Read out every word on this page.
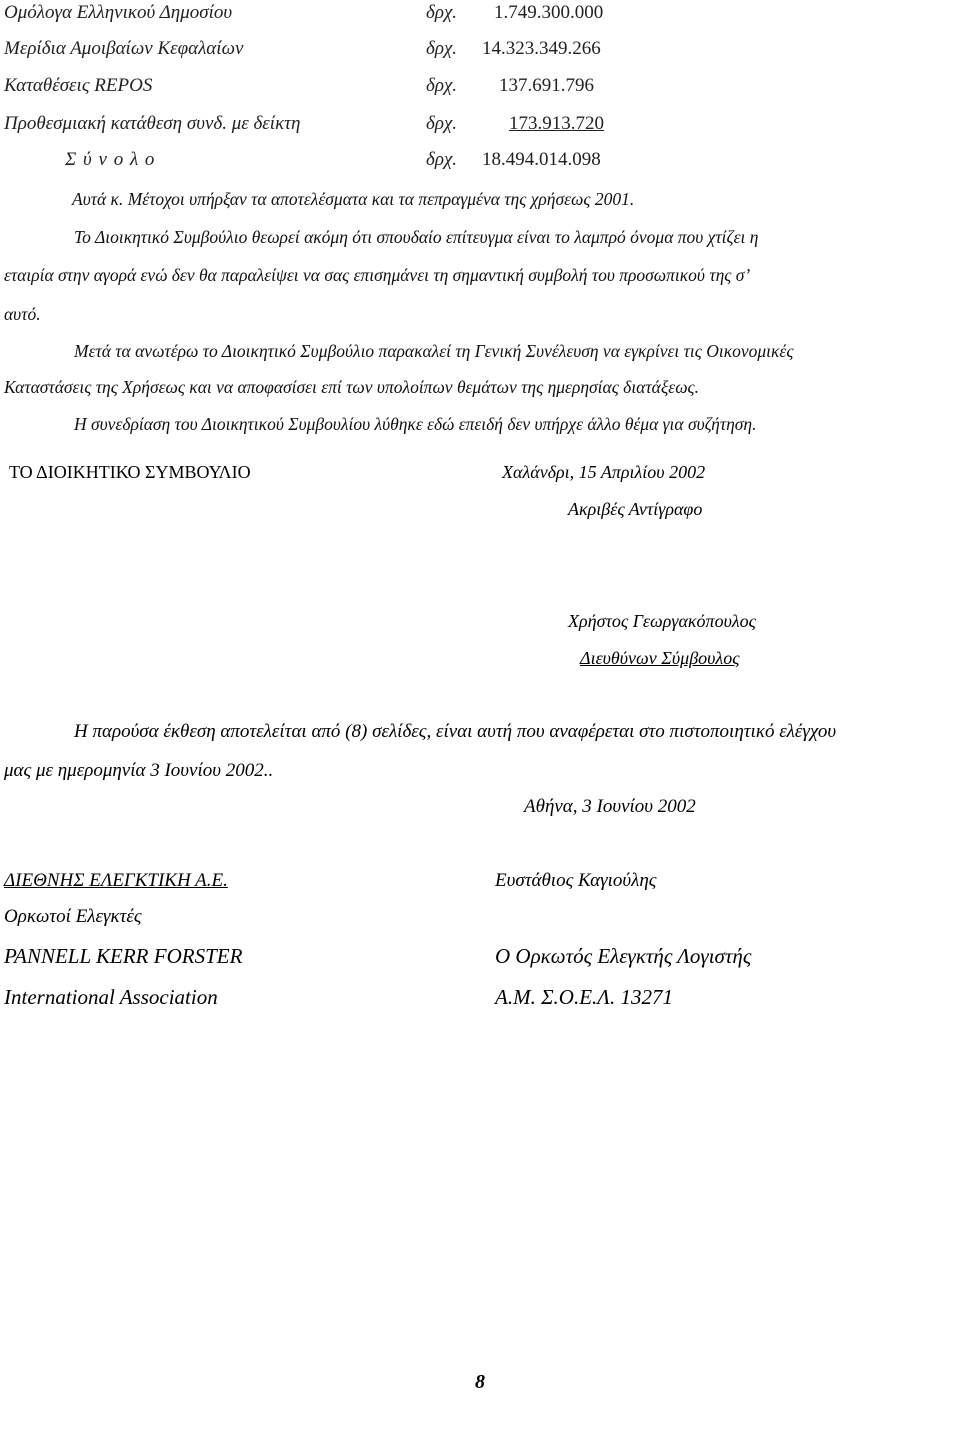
Ομόλογα Ελληνικού Δημοσίου	δρχ. 1.749.300.000
Μερίδια Αμοιβαίων Κεφαλαίων	δρχ. 14.323.349.266
Καταθέσεις REPOS	δρχ. 137.691.796
Προθεσμιακή κατάθεση συνδ. με δείκτη	δρχ.	173.913.720
Σ ύ ν ο λ ο	δρχ. 18.494.014.098
Αυτά κ. Μέτοχοι υπήρξαν τα αποτελέσματα και τα πεπραγμένα της χρήσεως 2001.
Το Διοικητικό Συμβούλιο θεωρεί ακόμη ότι σπουδαίο επίτευγμα είναι το λαμπρό όνομα που χτίζει η
εταιρία στην αγορά ενώ δεν θα παραλείψει να σας επισημάνει τη σημαντική συμβολή του προσωπικού της σ’
αυτό.
Μετά τα ανωτέρω το Διοικητικό Συμβούλιο παρακαλεί τη Γενική Συνέλευση να εγκρίνει τις Οικονομικές
Καταστάσεις της Χρήσεως και να αποφασίσει επί των υπολοίπων θεμάτων της ημερησίας διατάξεως.
Η συνεδρίαση του Διοικητικού Συμβουλίου λύθηκε εδώ επειδή δεν υπήρχε άλλο θέμα για συζήτηση.
ΤΟ ΔΙΟΙΚΗΤΙΚΟ ΣΥΜΒΟΥΛΙΟ	Χαλάνδρι, 15 Απριλίου 2002
Ακριβές Αντίγραφο
Χρήστος Γεωργακόπουλος
Διευθύνων Σύμβουλος
Η παρούσα έκθεση αποτελείται από (8) σελίδες, είναι αυτή που αναφέρεται στο πιστοποιητικό ελέγχου
μας με ημερομηνία 3 Ιουνίου 2002..
Αθήνα, 3 Ιουνίου 2002
ΔΙΕΘΝΗΣ ΕΛΕΓΚΤΙΚΗ Α.Ε.
Ορκωτοί Ελεγκτές
PANNELL KERR FORSTER
International Association
Ευστάθιος Καγιούλης
Ο Ορκωτός Ελεγκτής Λογιστής
Α.Μ. Σ.Ο.Ε.Λ. 13271
8
